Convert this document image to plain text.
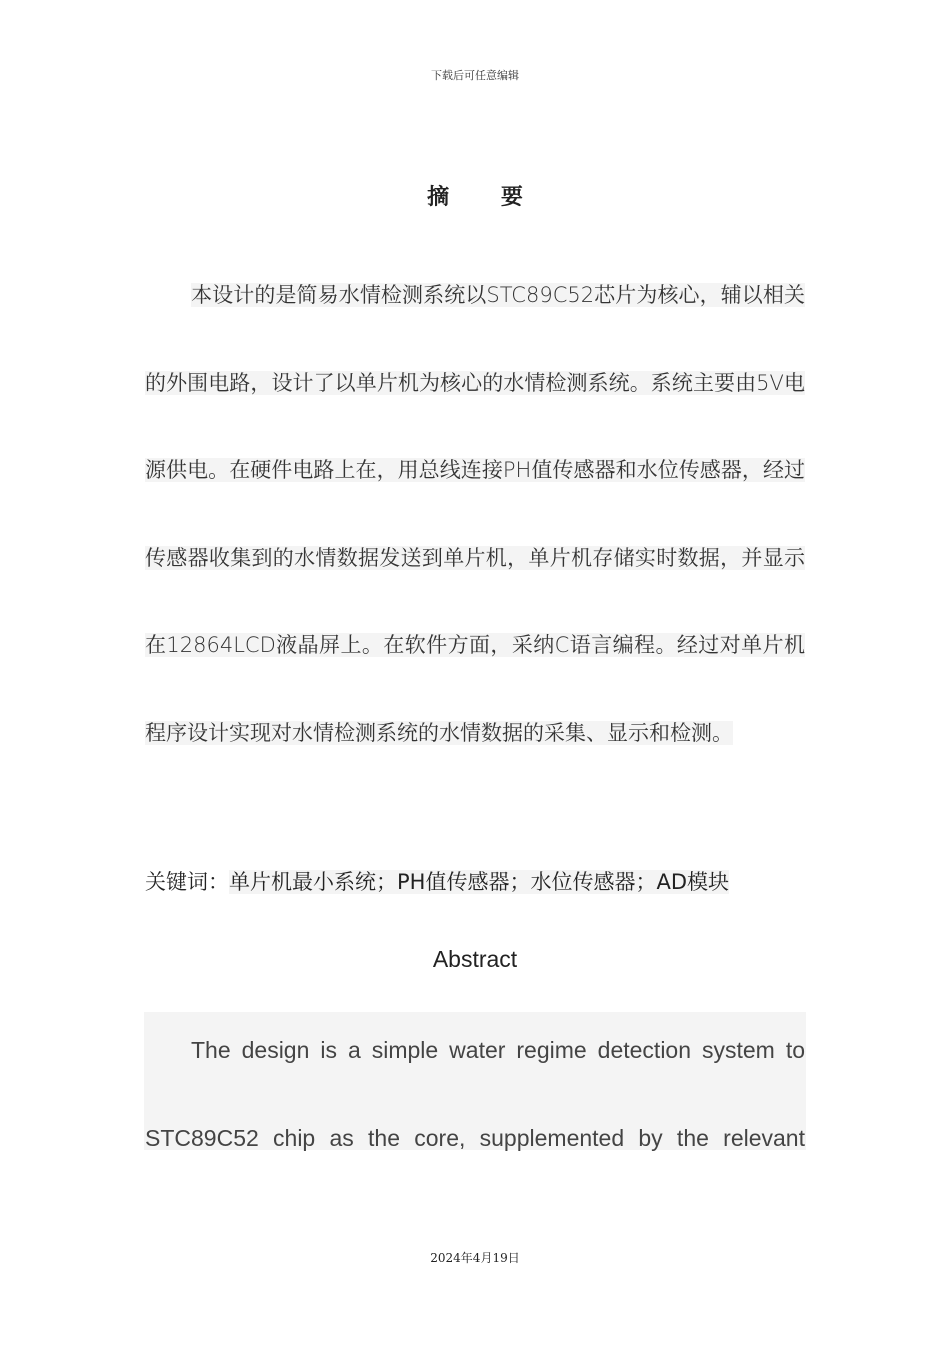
下载后可任意编辑
摘 要

本设计的是简易水情检测系统以STC89C52芯片为核心，辅以相关的外围电路，设计了以单片机为核心的水情检测系统。系统主要由5V电源供电。在硬件电路上在，用总线连接PH值传感器和水位传感器，经过传感器收集到的水情数据发送到单片机，单片机存储实时数据，并显示在12864LCD液晶屏上。在软件方面，采纳C语言编程。经过对单片机程序设计实现对水情检测系统的水情数据的采集、显示和检测。

关键词：单片机最小系统；PH值传感器；水位传感器；AD模块

Abstract

The design is a simple water regime detection system to STC89C52 chip as the core, supplemented by the relevant

2024年4月19日
